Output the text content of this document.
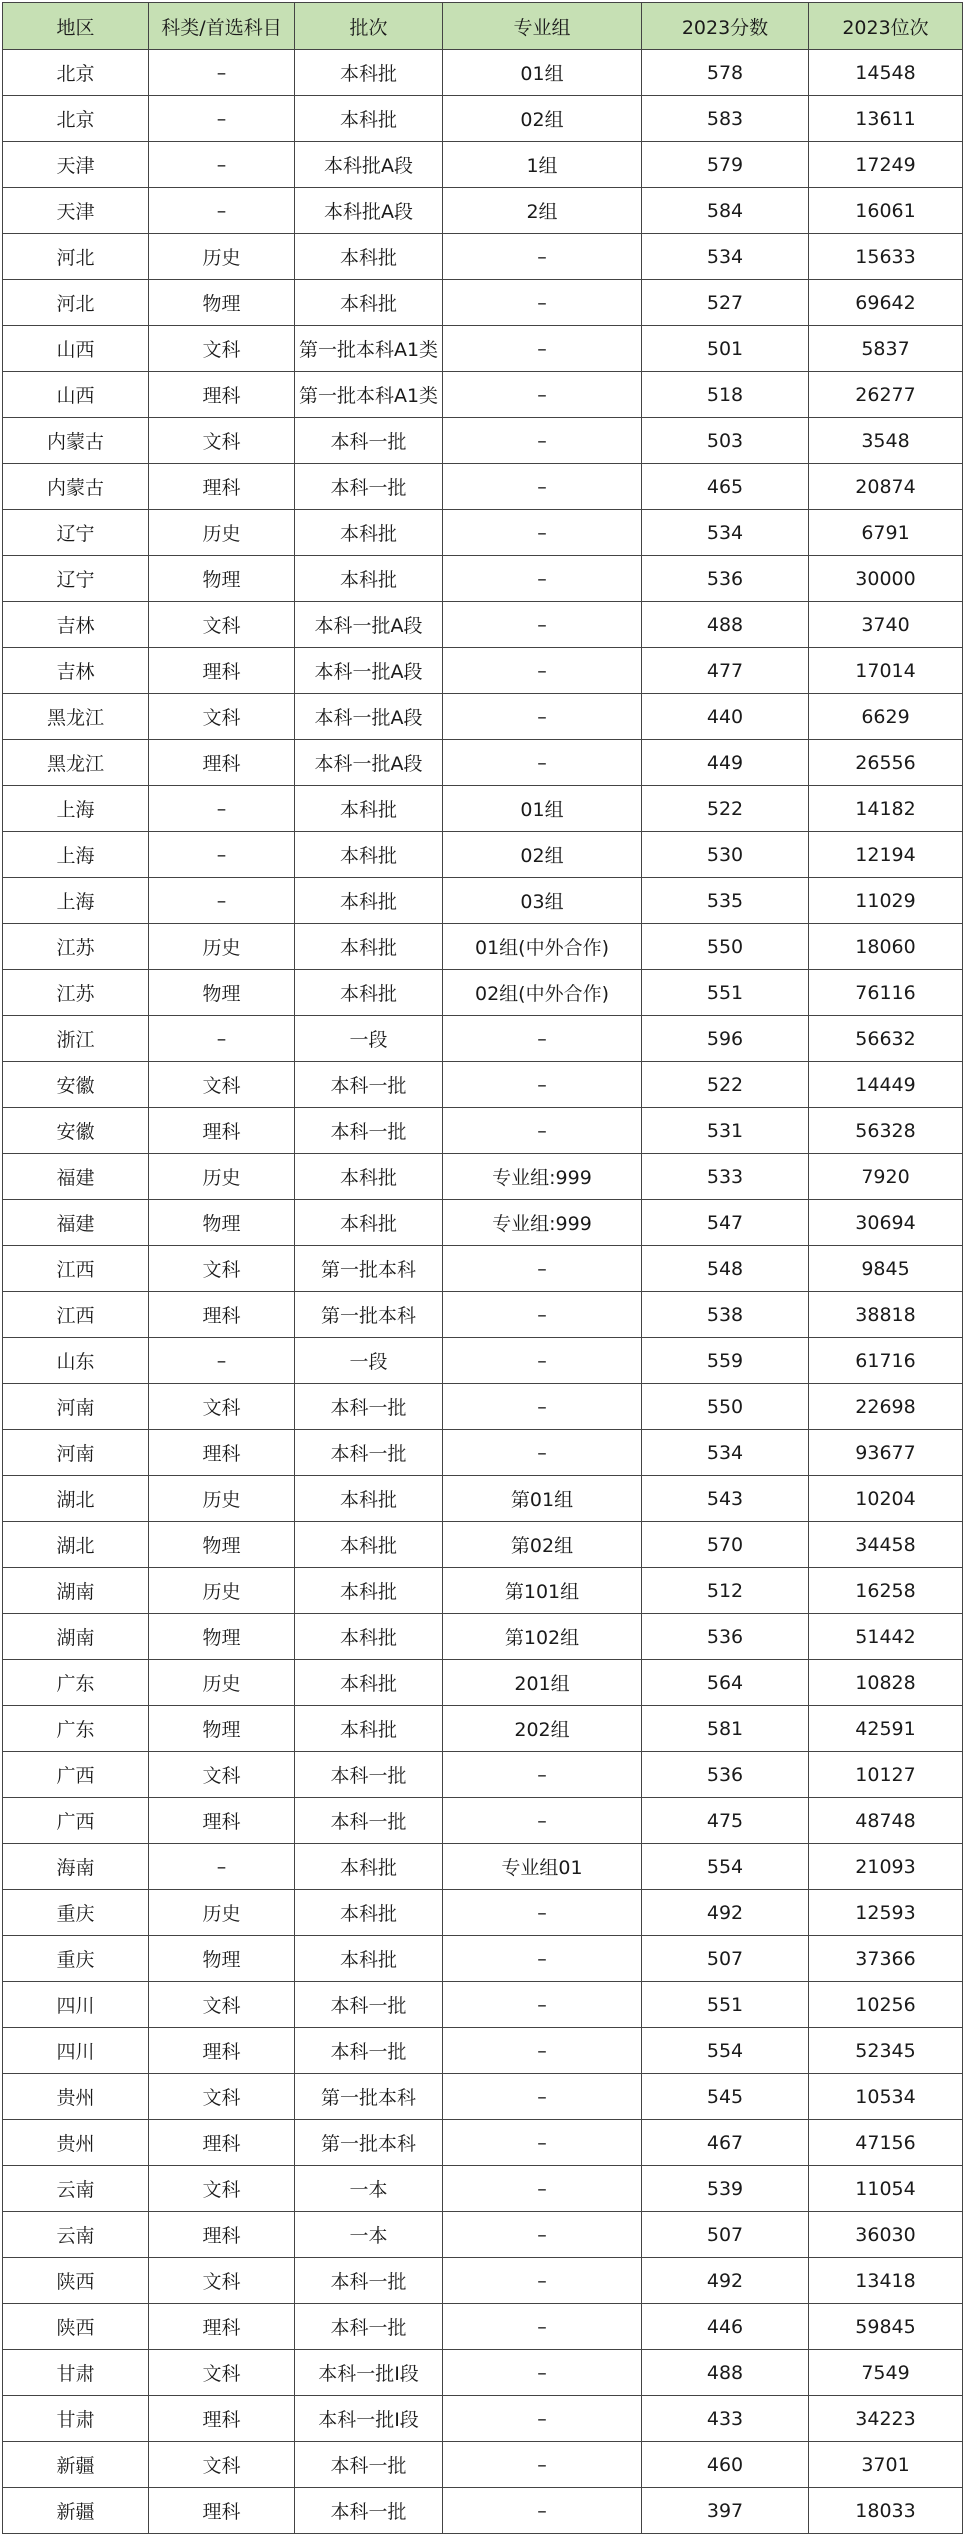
地区	科类/首选科目	批次	专业组	2023分数	2023位次
北京	–	本科批	01组	578	14548
北京	–	本科批	02组	583	13611
天津	–	本科批A段	1组	579	17249
天津	–	本科批A段	2组	584	16061
河北	历史	本科批	–	534	15633
河北	物理	本科批	–	527	69642
山西	文科	第一批本科A1类	–	501	5837
山西	理科	第一批本科A1类	–	518	26277
内蒙古	文科	本科一批	–	503	3548
内蒙古	理科	本科一批	–	465	20874
辽宁	历史	本科批	–	534	6791
辽宁	物理	本科批	–	536	30000
吉林	文科	本科一批A段	–	488	3740
吉林	理科	本科一批A段	–	477	17014
黑龙江	文科	本科一批A段	–	440	6629
黑龙江	理科	本科一批A段	–	449	26556
上海	–	本科批	01组	522	14182
上海	–	本科批	02组	530	12194
上海	–	本科批	03组	535	11029
江苏	历史	本科批	01组(中外合作)	550	18060
江苏	物理	本科批	02组(中外合作)	551	76116
浙江	–	一段	–	596	56632
安徽	文科	本科一批	–	522	14449
安徽	理科	本科一批	–	531	56328
福建	历史	本科批	专业组:999	533	7920
福建	物理	本科批	专业组:999	547	30694
江西	文科	第一批本科	–	548	9845
江西	理科	第一批本科	–	538	38818
山东	–	一段	–	559	61716
河南	文科	本科一批	–	550	22698
河南	理科	本科一批	–	534	93677
湖北	历史	本科批	第01组	543	10204
湖北	物理	本科批	第02组	570	34458
湖南	历史	本科批	第101组	512	16258
湖南	物理	本科批	第102组	536	51442
广东	历史	本科批	201组	564	10828
广东	物理	本科批	202组	581	42591
广西	文科	本科一批	–	536	10127
广西	理科	本科一批	–	475	48748
海南	–	本科批	专业组01	554	21093
重庆	历史	本科批	–	492	12593
重庆	物理	本科批	–	507	37366
四川	文科	本科一批	–	551	10256
四川	理科	本科一批	–	554	52345
贵州	文科	第一批本科	–	545	10534
贵州	理科	第一批本科	–	467	47156
云南	文科	一本	–	539	11054
云南	理科	一本	–	507	36030
陕西	文科	本科一批	–	492	13418
陕西	理科	本科一批	–	446	59845
甘肃	文科	本科一批I段	–	488	7549
甘肃	理科	本科一批I段	–	433	34223
新疆	文科	本科一批	–	460	3701
新疆	理科	本科一批	–	397	18033
